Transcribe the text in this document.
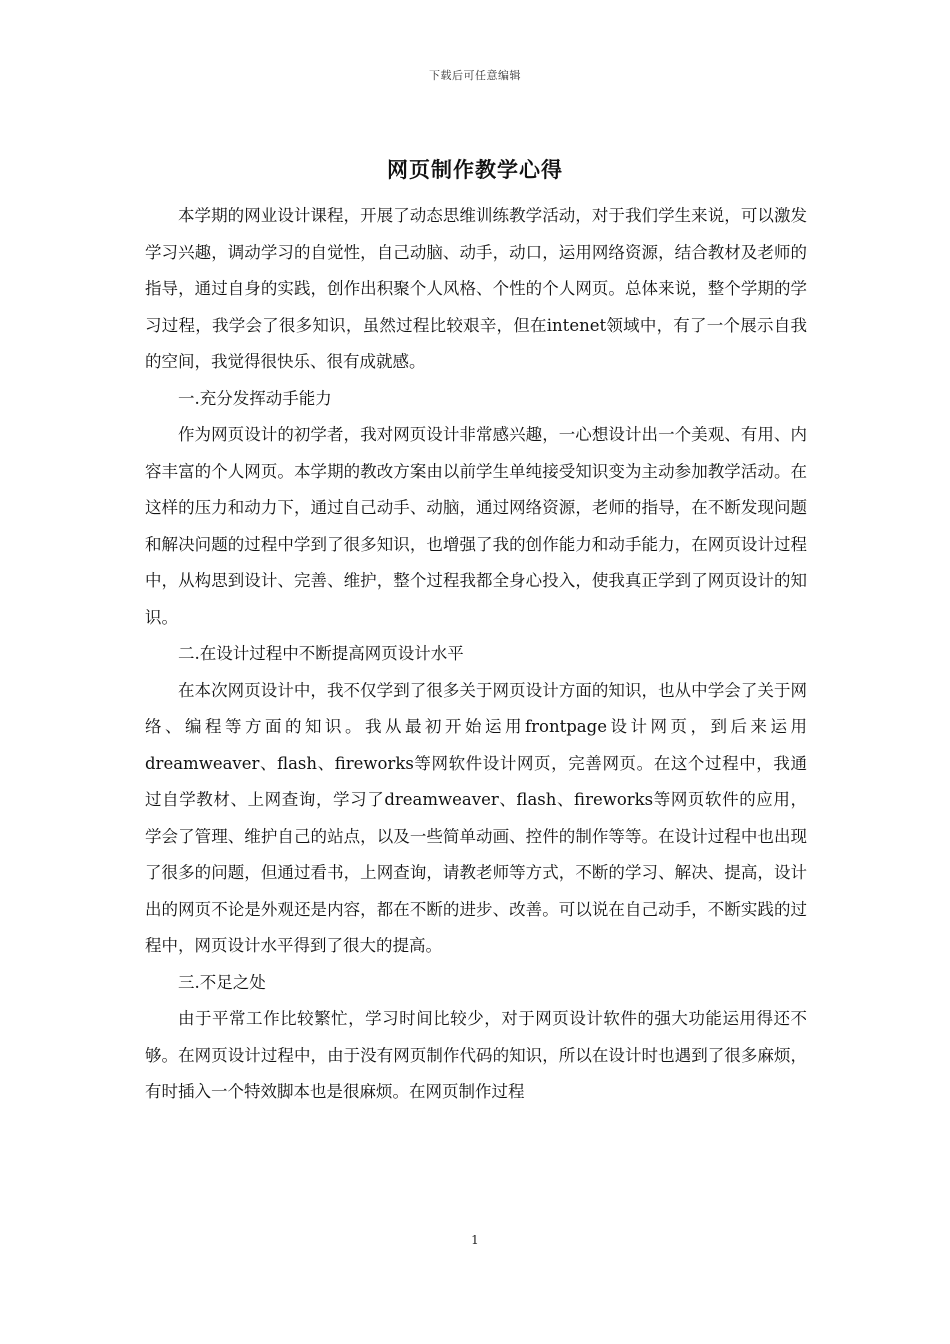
下载后可任意编辑
网页制作教学心得

本学期的网业设计课程，开展了动态思维训练教学活动，对于我们学生来说，可以激发学习兴趣，调动学习的自觉性，自己动脑、动手，动口，运用网络资源，结合教材及老师的指导，通过自身的实践，创作出积聚个人风格、个性的个人网页。总体来说，整个学期的学习过程，我学会了很多知识，虽然过程比较艰辛，但在intenet领域中，有了一个展示自我的空间，我觉得很快乐、很有成就感。

一.充分发挥动手能力

作为网页设计的初学者，我对网页设计非常感兴趣，一心想设计出一个美观、有用、内容丰富的个人网页。本学期的教改方案由以前学生单纯接受知识变为主动参加教学活动。在这样的压力和动力下，通过自己动手、动脑，通过网络资源，老师的指导，在不断发现问题和解决问题的过程中学到了很多知识，也增强了我的创作能力和动手能力，在网页设计过程中，从构思到设计、完善、维护，整个过程我都全身心投入，使我真正学到了网页设计的知识。

二.在设计过程中不断提高网页设计水平

在本次网页设计中，我不仅学到了很多关于网页设计方面的知识，也从中学会了关于网络、编程等方面的知识。我从最初开始运用frontpage设计网页，到后来运用dreamweaver、flash、fireworks等网软件设计网页，完善网页。在这个过程中，我通过自学教材、上网查询，学习了dreamweaver、flash、fireworks等网页软件的应用，学会了管理、维护自己的站点，以及一些简单动画、控件的制作等等。在设计过程中也出现了很多的问题，但通过看书，上网查询，请教老师等方式，不断的学习、解决、提高，设计出的网页不论是外观还是内容，都在不断的进步、改善。可以说在自己动手，不断实践的过程中，网页设计水平得到了很大的提高。

三.不足之处

由于平常工作比较繁忙，学习时间比较少，对于网页设计软件的强大功能运用得还不够。在网页设计过程中，由于没有网页制作代码的知识，所以在设计时也遇到了很多麻烦，有时插入一个特效脚本也是很麻烦。在网页制作过程

1
